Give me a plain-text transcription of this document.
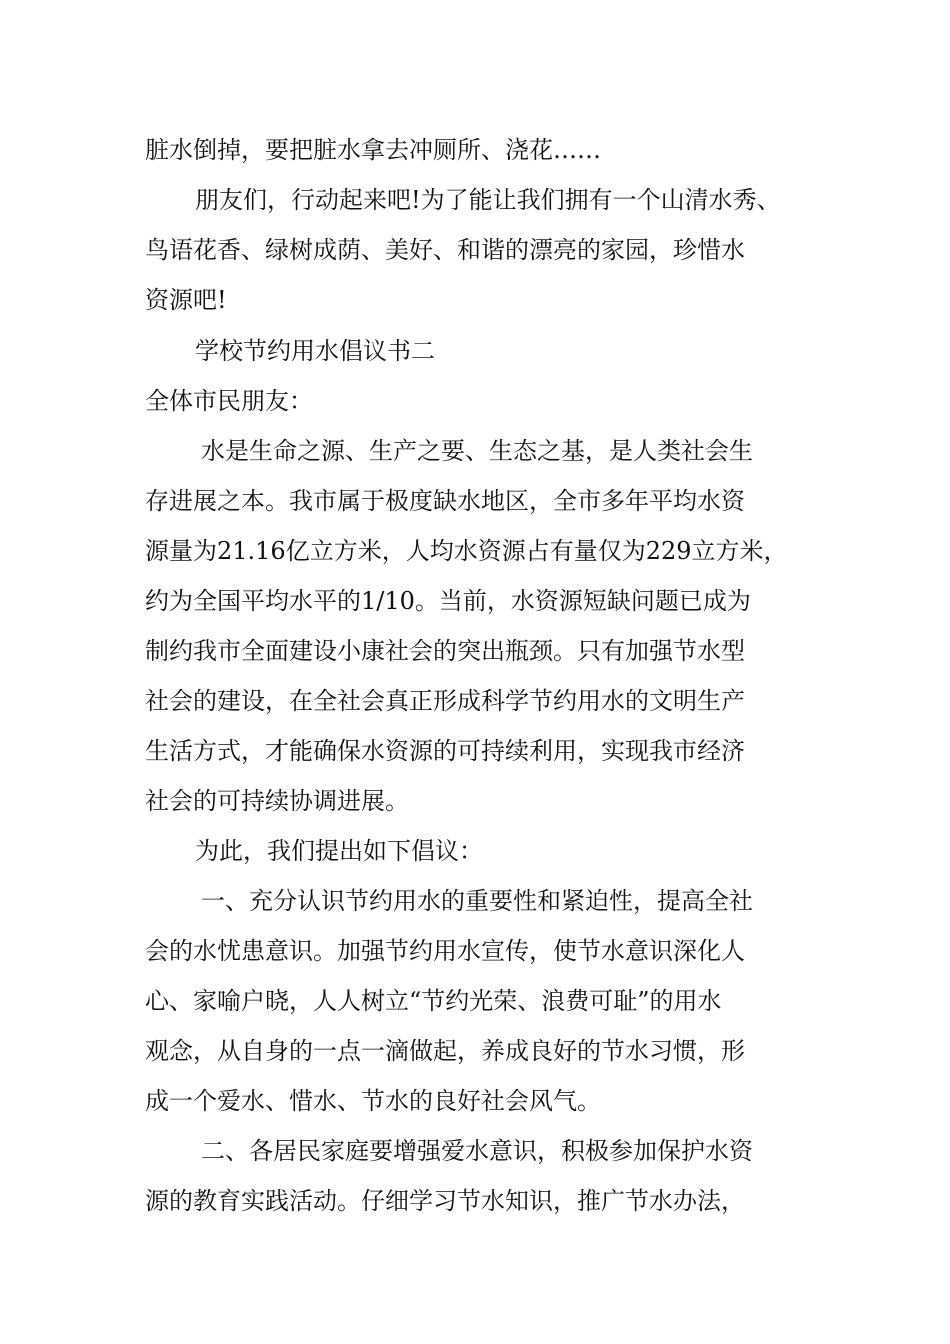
脏水倒掉，要把脏水拿去冲厕所、浇花……
朋友们，行动起来吧!为了能让我们拥有一个山清水秀、
鸟语花香、绿树成荫、美好、和谐的漂亮的家园，珍惜水
资源吧!
学校节约用水倡议书二
全体市民朋友：
水是生命之源、生产之要、生态之基，是人类社会生
存进展之本。我市属于极度缺水地区，全市多年平均水资
源量为21.16亿立方米，人均水资源占有量仅为229立方米，
约为全国平均水平的1/10。当前，水资源短缺问题已成为
制约我市全面建设小康社会的突出瓶颈。只有加强节水型
社会的建设，在全社会真正形成科学节约用水的文明生产
生活方式，才能确保水资源的可持续利用，实现我市经济
社会的可持续协调进展。
为此，我们提出如下倡议：
一、充分认识节约用水的重要性和紧迫性，提高全社
会的水忧患意识。加强节约用水宣传，使节水意识深化人
心、家喻户晓，人人树立“节约光荣、浪费可耻”的用水
观念，从自身的一点一滴做起，养成良好的节水习惯，形
成一个爱水、惜水、节水的良好社会风气。
二、各居民家庭要增强爱水意识，积极参加保护水资
源的教育实践活动。仔细学习节水知识，推广节水办法，
